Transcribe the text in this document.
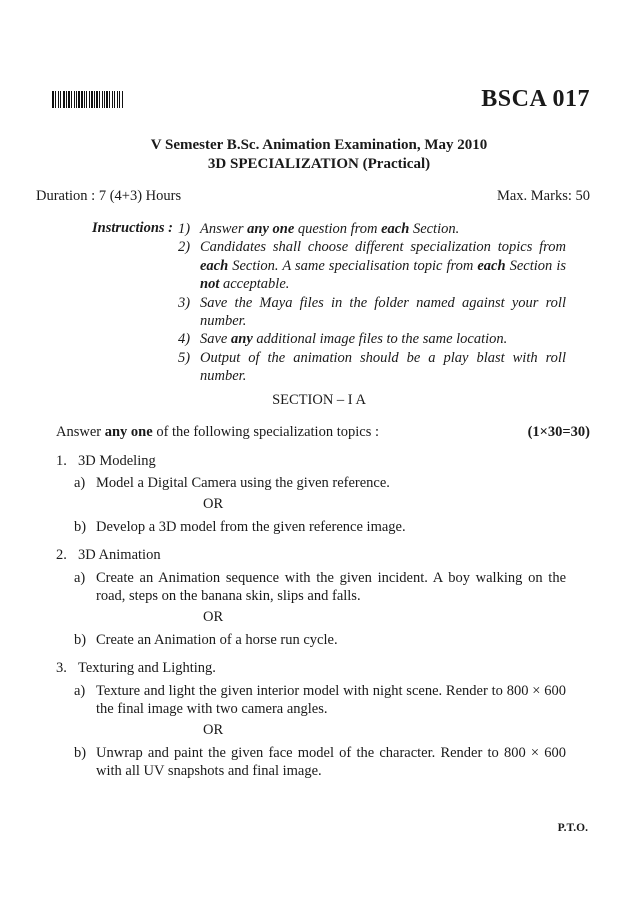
BSCA 017
V Semester B.Sc. Animation Examination, May 2010
3D SPECIALIZATION (Practical)
Duration : 7 (4+3) Hours	Max. Marks: 50
Instructions : 1) Answer any one question from each Section.
2) Candidates shall choose different specialization topics from each Section. A same specialisation topic from each Section is not acceptable.
3) Save the Maya files in the folder named against your roll number.
4) Save any additional image files to the same location.
5) Output of the animation should be a play blast with roll number.
SECTION – I A
Answer any one of the following specialization topics :	(1×30=30)
1. 3D Modeling
a) Model a Digital Camera using the given reference.
OR
b) Develop a 3D model from the given reference image.
2. 3D Animation
a) Create an Animation sequence with the given incident. A boy walking on the road, steps on the banana skin, slips and falls.
OR
b) Create an Animation of a horse run cycle.
3. Texturing and Lighting.
a) Texture and light the given interior model with night scene. Render to 800 × 600 the final image with two camera angles.
OR
b) Unwrap and paint the given face model of the character. Render to 800 × 600 with all UV snapshots and final image.
P.T.O.
